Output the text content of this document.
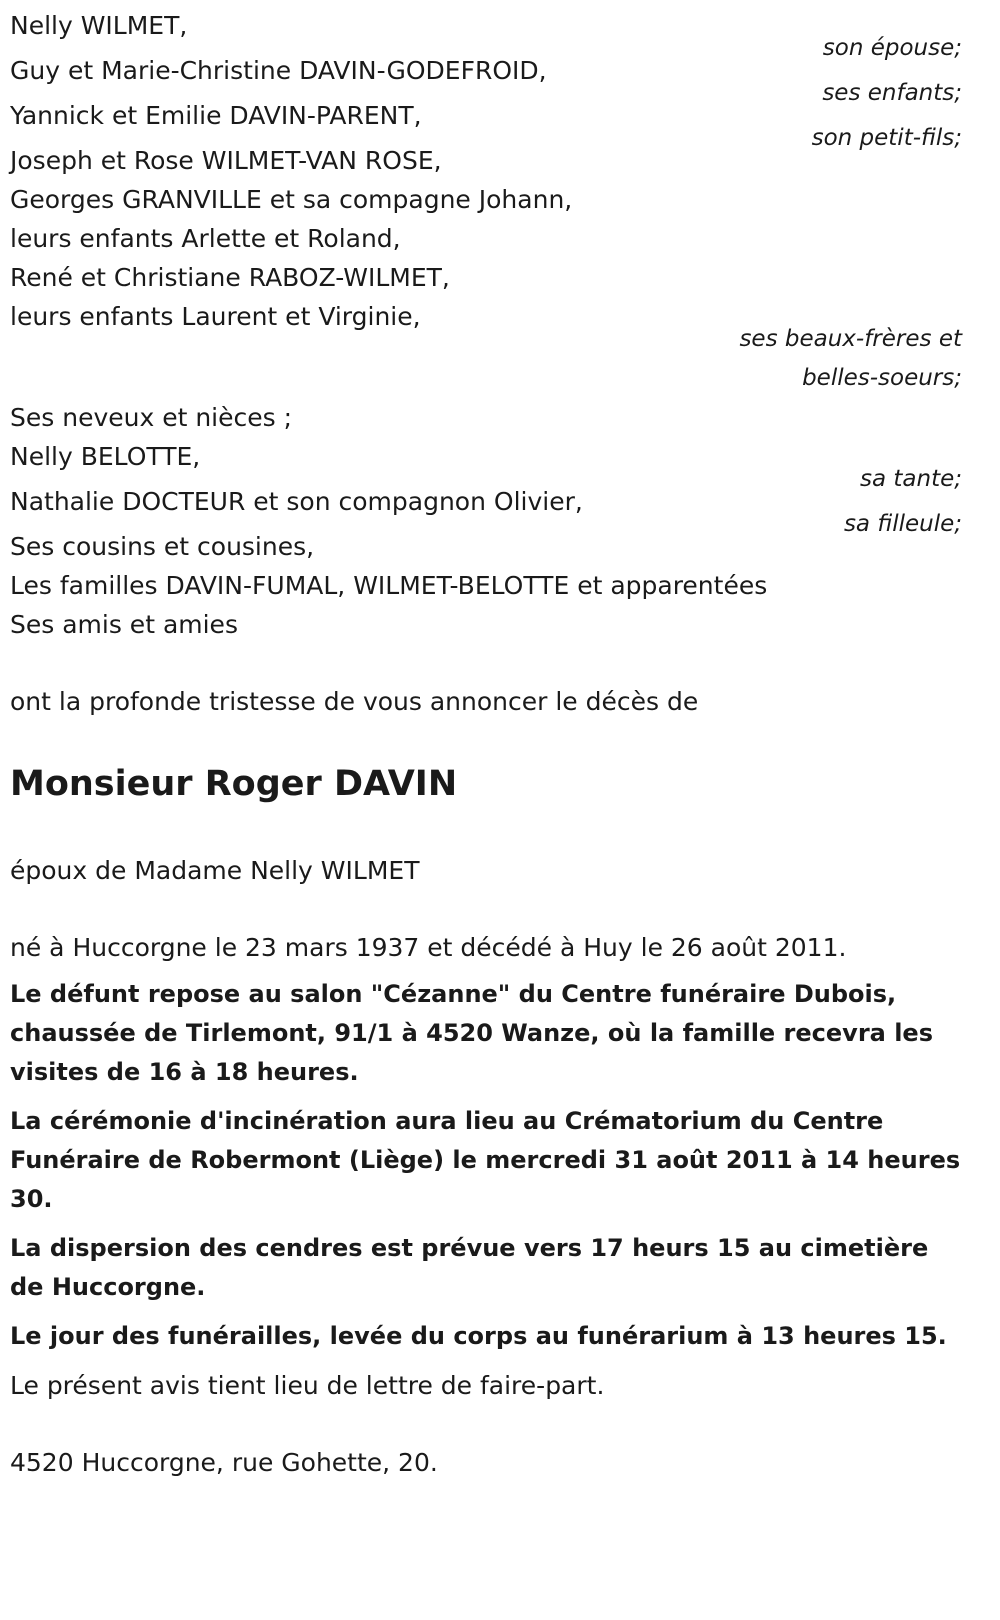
Nelly WILMET,
son épouse;
Guy et Marie-Christine DAVIN-GODEFROID,
ses enfants;
Yannick et Emilie DAVIN-PARENT,
son petit-fils;
Joseph et Rose WILMET-VAN ROSE,
Georges GRANVILLE et sa compagne Johann,
leurs enfants Arlette et Roland,
René et Christiane RABOZ-WILMET,
leurs enfants Laurent et Virginie,
ses beaux-frères et
belles-soeurs;
Ses neveux et nièces ;
Nelly BELOTTE,
sa tante;
Nathalie DOCTEUR et son compagnon Olivier,
sa filleule;
Ses cousins et cousines,
Les familles DAVIN-FUMAL, WILMET-BELOTTE et apparentées
Ses amis et amies
ont la profonde tristesse de vous annoncer le décès de
Monsieur Roger DAVIN
époux de Madame Nelly WILMET
né à Huccorgne le 23 mars 1937 et décédé à Huy le 26 août 2011.

Le défunt repose au salon "Cézanne" du Centre funéraire Dubois, chaussée de Tirlemont, 91/1 à 4520 Wanze, où la famille recevra les visites de 16 à 18 heures.

La cérémonie d'incinération aura lieu au Crématorium du Centre Funéraire de Robermont (Liège) le mercredi 31 août 2011 à 14 heures 30.

La dispersion des cendres est prévue vers 17 heurs 15 au cimetière de Huccorgne.

Le jour des funérailles, levée du corps au funérarium à 13 heures 15.

Le présent avis tient lieu de lettre de faire-part.
4520 Huccorgne, rue Gohette, 20.
